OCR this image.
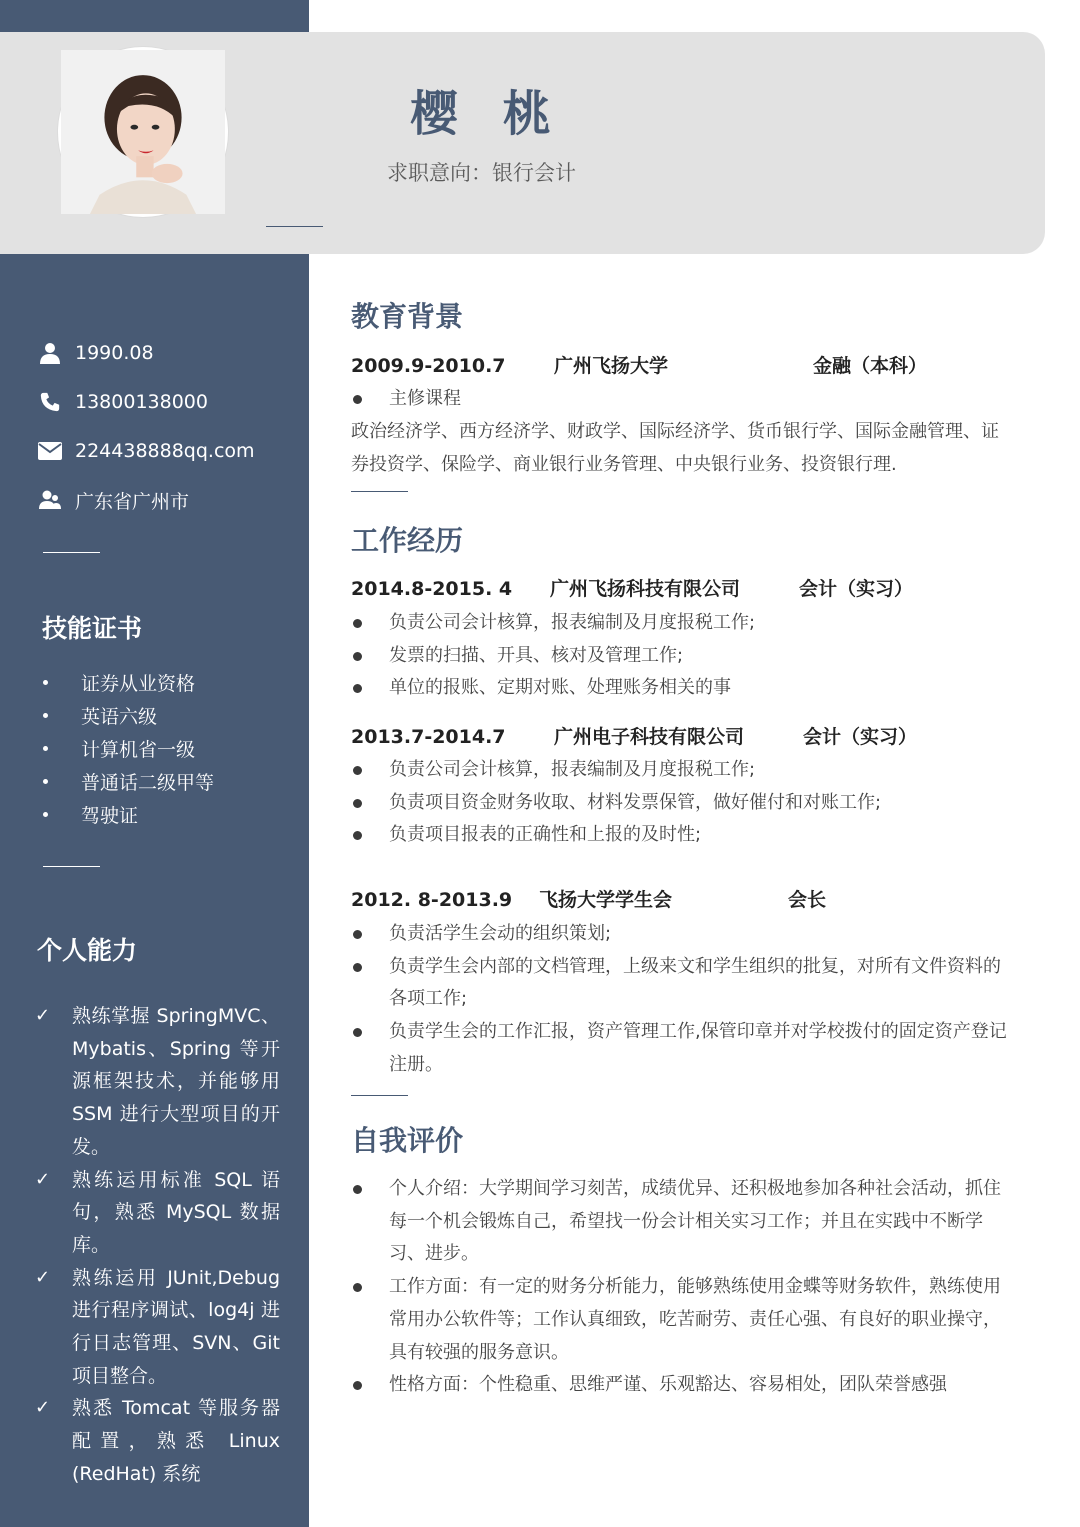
樱 桃
求职意向：银行会计
1990.08
13800138000
224438888qq.com
广东省广州市
技能证书
证券从业资格
英语六级
计算机省一级
普通话二级甲等
驾驶证
个人能力
✓	熟练掌握 SpringMVC、Mybatis、Spring 等开源框架技术，并能够用 SSM 进行大型项目的开发。
✓	熟练运用标准 SQL 语句，熟悉 MySQL 数据库。
✓	熟练运用 JUnit,Debug 进行程序调试、log4j 进行日志管理、SVN、Git 项目整合。
✓	熟悉 Tomcat 等服务器配置，熟悉 Linux (RedHat) 系统
教育背景
2009.9-2010.7	广州飞扬大学	金融（本科）
主修课程
政治经济学、西方经济学、财政学、国际经济学、货币银行学、国际金融管理、证券投资学、保险学、商业银行业务管理、中央银行业务、投资银行理.
工作经历
2014.8-2015. 4 广州飞扬科技有限公司	会计（实习）
负责公司会计核算，报表编制及月度报税工作;
发票的扫描、开具、核对及管理工作;
单位的报账、定期对账、处理账务相关的事
2013.7-2014.7	广州电子科技有限公司	会计（实习）
负责公司会计核算，报表编制及月度报税工作;
负责项目资金财务收取、材料发票保管，做好催付和对账工作;
负责项目报表的正确性和上报的及时性;
2012. 8-2013.9 飞扬大学学生会	会长
负责活学生会动的组织策划;
负责学生会内部的文档管理，上级来文和学生组织的批复，对所有文件资料的各项工作;
负责学生会的工作汇报，资产管理工作,保管印章并对学校拨付的固定资产登记注册。
自我评价
个人介绍：大学期间学习刻苦，成绩优异、还积极地参加各种社会活动，抓住每一个机会锻炼自己，希望找一份会计相关实习工作；并且在实践中不断学习、进步。
工作方面：有一定的财务分析能力，能够熟练使用金蝶等财务软件，熟练使用常用办公软件等；工作认真细致，吃苦耐劳、责任心强、有良好的职业操守，具有较强的服务意识。
性格方面：个性稳重、思维严谨、乐观豁达、容易相处，团队荣誉感强
